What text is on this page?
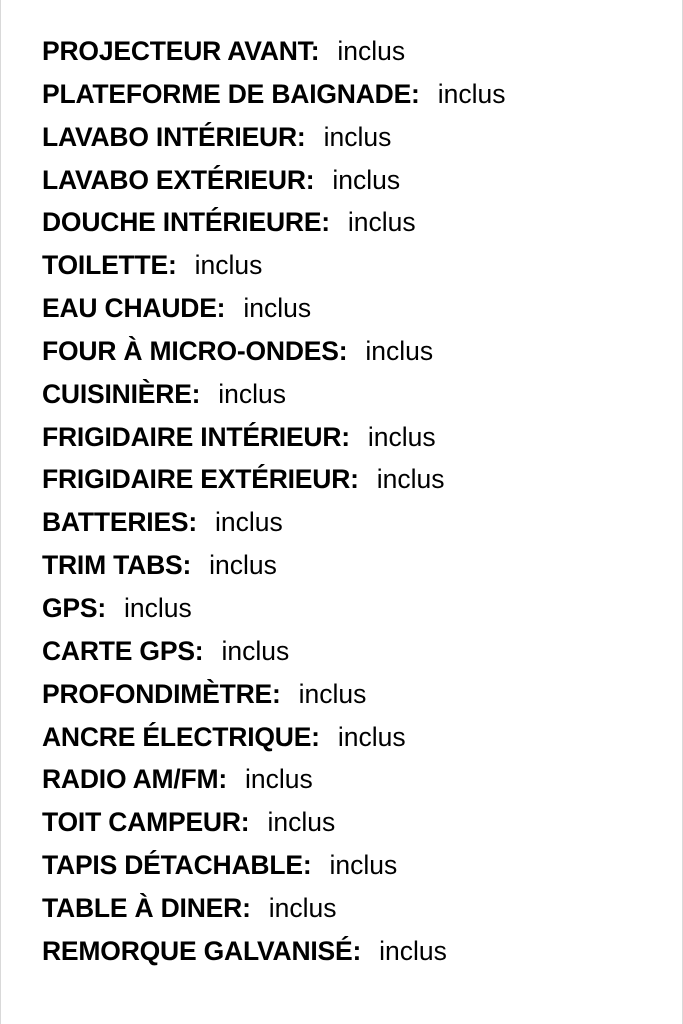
PROJECTEUR AVANT: inclus
PLATEFORME DE BAIGNADE: inclus
LAVABO INTÉRIEUR: inclus
LAVABO EXTÉRIEUR: inclus
DOUCHE INTÉRIEURE: inclus
TOILETTE: inclus
EAU CHAUDE: inclus
FOUR À MICRO-ONDES: inclus
CUISINIÈRE: inclus
FRIGIDAIRE INTÉRIEUR: inclus
FRIGIDAIRE EXTÉRIEUR: inclus
BATTERIES: inclus
TRIM TABS: inclus
GPS: inclus
CARTE GPS: inclus
PROFONDIMÈTRE: inclus
ANCRE ÉLECTRIQUE: inclus
RADIO AM/FM: inclus
TOIT CAMPEUR: inclus
TAPIS DÉTACHABLE: inclus
TABLE À DINER: inclus
REMORQUE GALVANISÉ: inclus
